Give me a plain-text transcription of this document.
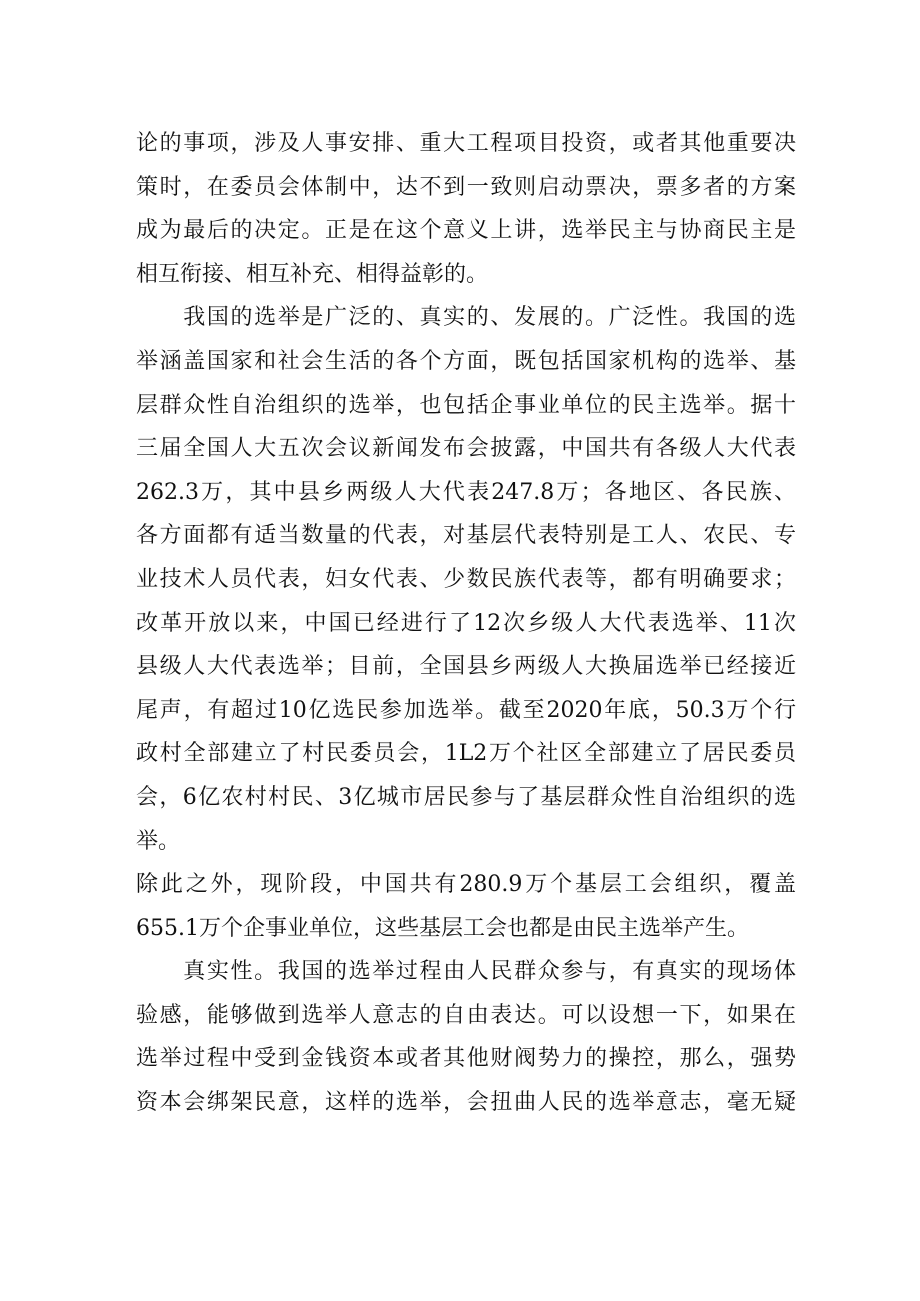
论的事项，涉及人事安排、重大工程项目投资，或者其他重要决
策时，在委员会体制中，达不到一致则启动票决，票多者的方案
成为最后的决定。正是在这个意义上讲，选举民主与协商民主是
相互衔接、相互补充、相得益彰的。
　　我国的选举是广泛的、真实的、发展的。广泛性。我国的选
举涵盖国家和社会生活的各个方面，既包括国家机构的选举、基
层群众性自治组织的选举，也包括企事业单位的民主选举。据十
三届全国人大五次会议新闻发布会披露，中国共有各级人大代表
262.3万，其中县乡两级人大代表247.8万；各地区、各民族、
各方面都有适当数量的代表，对基层代表特别是工人、农民、专
业技术人员代表，妇女代表、少数民族代表等，都有明确要求；
改革开放以来，中国已经进行了12次乡级人大代表选举、11次
县级人大代表选举；目前，全国县乡两级人大换届选举已经接近
尾声，有超过10亿选民参加选举。截至2020年底，50.3万个行
政村全部建立了村民委员会，1L2万个社区全部建立了居民委员
会，6亿农村村民、3亿城市居民参与了基层群众性自治组织的选
举。
除此之外，现阶段，中国共有280.9万个基层工会组织，覆盖
655.1万个企事业单位，这些基层工会也都是由民主选举产生。
　　真实性。我国的选举过程由人民群众参与，有真实的现场体
验感，能够做到选举人意志的自由表达。可以设想一下，如果在
选举过程中受到金钱资本或者其他财阀势力的操控，那么，强势
资本会绑架民意，这样的选举，会扭曲人民的选举意志，毫无疑
